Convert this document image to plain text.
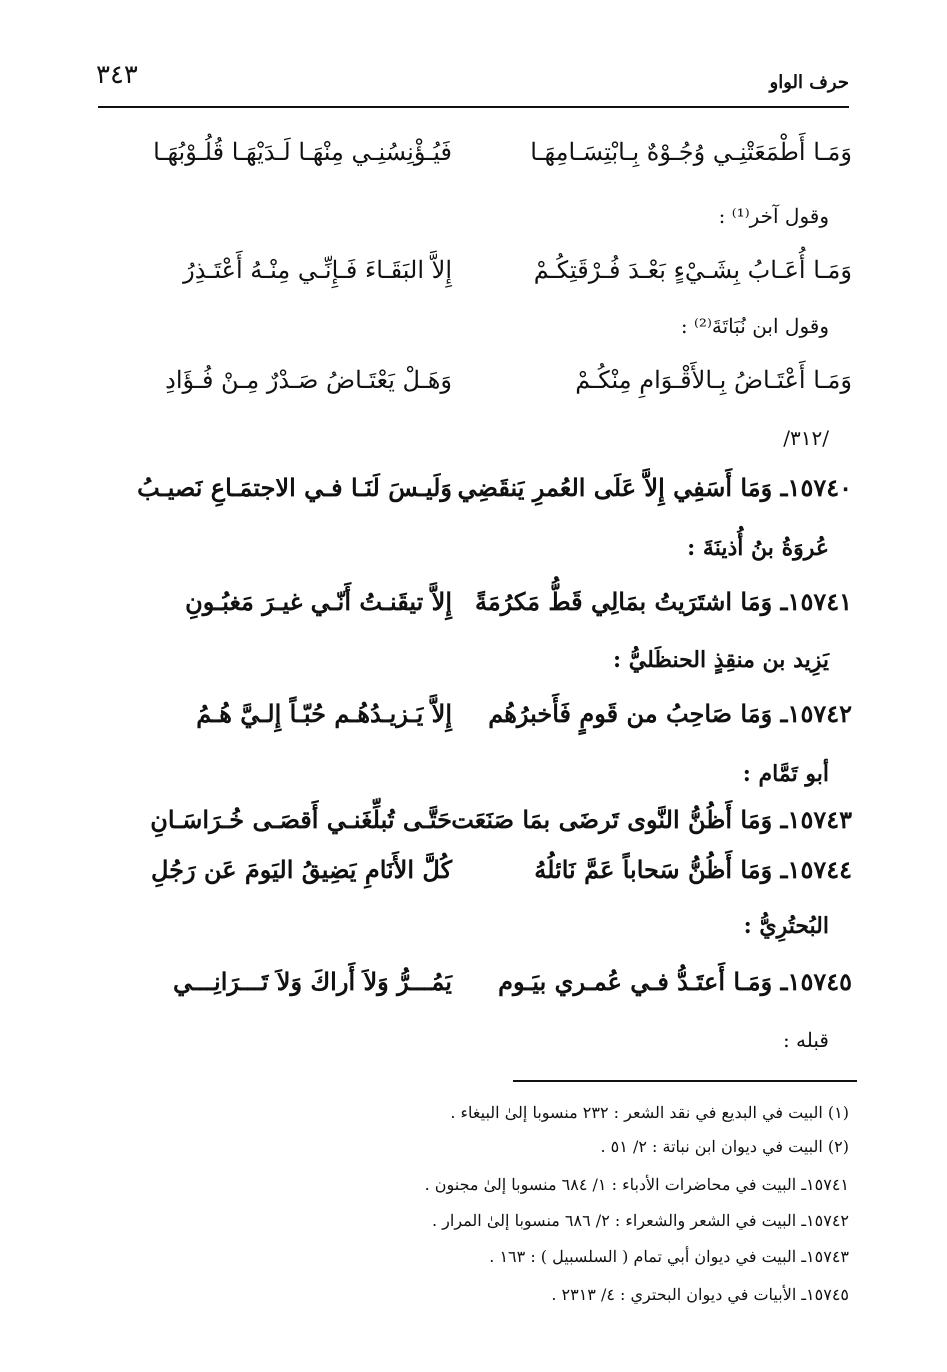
٣٤٣	حرف الواو
وَمَـا أَطْمَعَتْنِـي وُجُـوْهٌ بِـابْتِسَـامِهَـا
فَيُـؤْنِسُنِـي مِنْهَـا لَـدَيْهَـا قُلُـوْبُهَـا
وقول آخر⁽¹⁾ :
وَمَـا أُعَـابُ بِشَـيْءٍ بَعْـدَ فُـرْقَتِكُـمْ
إِلاَّ البَقَـاءَ فَـإِنِّـي مِنْـهُ أَعْتَـذِرُ
وقول ابن نُبَاتَةَ⁽²⁾ :
وَمَـا أَعْتَـاضُ بِـالأَقْـوَامِ مِنْكُـمْ
وَهَـلْ يَعْتَـاضُ صَـدْرٌ مِـنْ فُـؤَادِ
/٣١٢/
١٥٧٤٠ـ وَمَا أَسَفِي إِلاَّ عَلَى العُمرِ يَنقَضِي
وَلَيـسَ لَنَـا فـي الاجتمَـاعِ نَصيـبُ
عُروَةُ بنُ أُذينَةَ :
١٥٧٤١ـ وَمَا اشتَرَيتُ بمَالِي قَطُّ مَكرُمَةً
إِلاَّ تيقَنـتُ أَنّـي غيـرَ مَغبُـونِ
يَزِيد بن منقِذٍ الحنظَليُّ :
١٥٧٤٢ـ وَمَا صَاحِبُ من قَومٍ فَأَخبرُهُم
إِلاَّ يَـزيـدُهُـم حُبّـاً إِلـيَّ هُـمُ
أبو تَمَّام :
١٥٧٤٣ـ وَمَا أَظُنُّ النَّوى تَرضَى بمَا صَنَعَت
حَتَّـى تُبلِّغَنـي أَقصَـى خُـرَاسَـانِ
١٥٧٤٤ـ وَمَا أَظُنُّ سَحاباً عَمَّ نَائلُهُ
كُلَّ الأَنَامِ يَضِيقُ اليَومَ عَن رَجُلِ
البُحتُرِيُّ :
١٥٧٤٥ـ وَمَـا أَعتَـدُّ فـي عُمـري بيَـوم
يَمُـــرُّ وَلاَ أَراكَ وَلاَ تَـــرَانِـــي
قبله :
(١) البيت في البديع في نقد الشعر : ٢٣٢ منسوبا إلىٰ البيغاء .
(٢) البيت في ديوان ابن نباتة : ٢/ ٥١ .
١٥٧٤١ـ البيت في محاضرات الأدباء : ١/ ٦٨٤ منسوبا إلىٰ مجنون .
١٥٧٤٢ـ البيت في الشعر والشعراء : ٢/ ٦٨٦ منسوبا إلىٰ المرار .
١٥٧٤٣ـ البيت في ديوان أبي تمام ( السلسبيل ) : ١٦٣ .
١٥٧٤٥ـ الأبيات في ديوان البحتري : ٤/ ٢٣١٣ .
